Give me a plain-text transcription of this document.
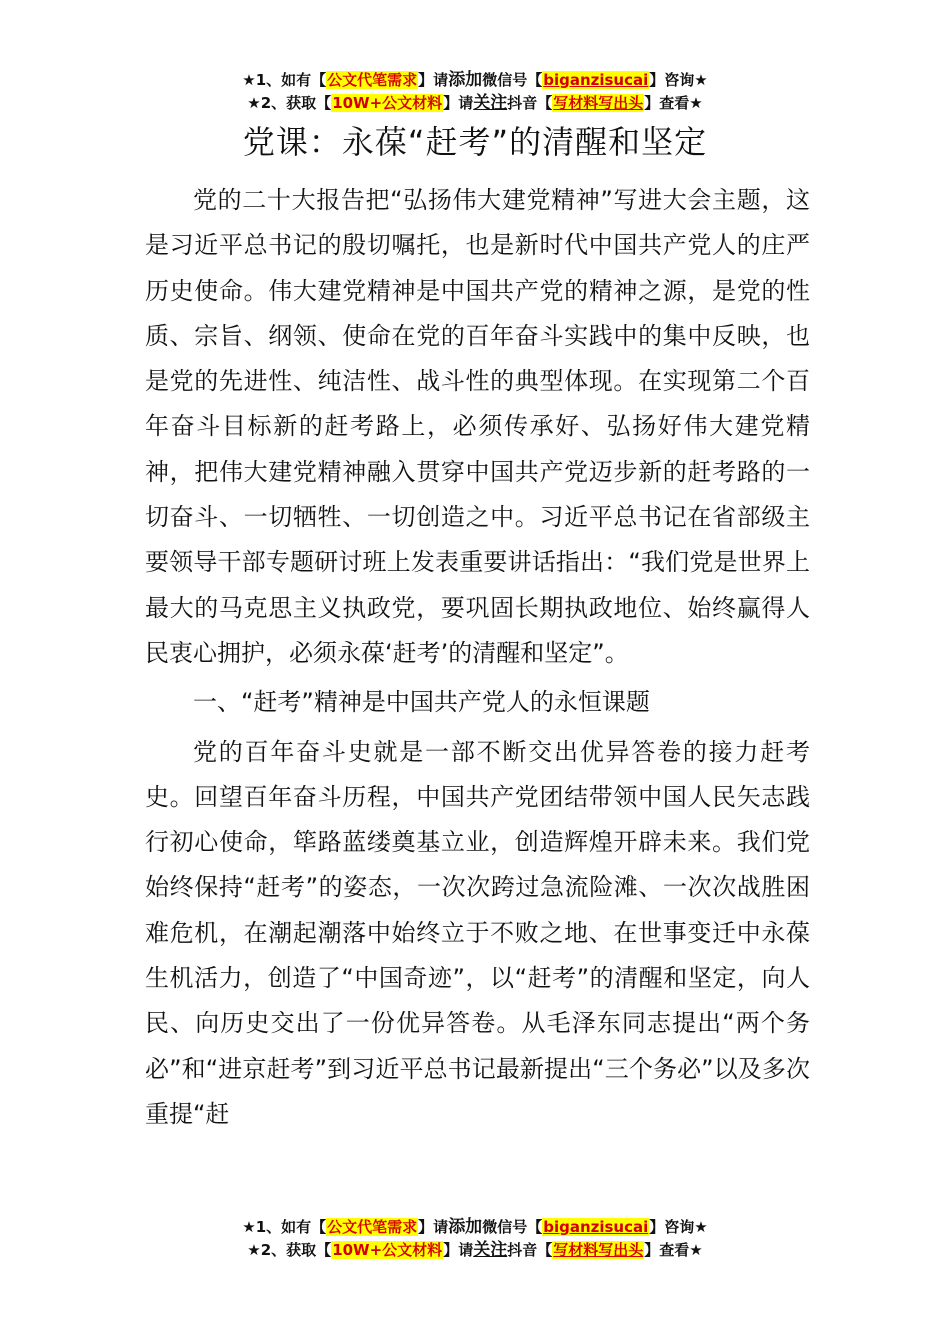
★1、如有【公文代笔需求】请添加微信号【biganzisucai】咨询★
★2、获取【10W+公文材料】请关注抖音【写材料写出头】查看★
党课：永葆“赶考”的清醒和坚定

党的二十大报告把“弘扬伟大建党精神”写进大会主题，这是习近平总书记的殷切嘱托，也是新时代中国共产党人的庄严历史使命。伟大建党精神是中国共产党的精神之源，是党的性质、宗旨、纲领、使命在党的百年奋斗实践中的集中反映，也是党的先进性、纯洁性、战斗性的典型体现。在实现第二个百年奋斗目标新的赶考路上，必须传承好、弘扬好伟大建党精神，把伟大建党精神融入贯穿中国共产党迈步新的赶考路的一切奋斗、一切牺牲、一切创造之中。习近平总书记在省部级主要领导干部专题研讨班上发表重要讲话指出：“我们党是世界上最大的马克思主义执政党，要巩固长期执政地位、始终赢得人民衷心拥护，必须永葆‘赶考’的清醒和坚定”。

一、“赶考”精神是中国共产党人的永恒课题

党的百年奋斗史就是一部不断交出优异答卷的接力赶考史。回望百年奋斗历程，中国共产党团结带领中国人民矢志践行初心使命，筚路蓝缕奠基立业，创造辉煌开辟未来。我们党始终保持“赶考”的姿态，一次次跨过急流险滩、一次次战胜困难危机，在潮起潮落中始终立于不败之地、在世事变迁中永葆生机活力，创造了“中国奇迹”，以“赶考”的清醒和坚定，向人民、向历史交出了一份优异答卷。从毛泽东同志提出“两个务必”和“进京赶考”到习近平总书记最新提出“三个务必”以及多次重提“赶

★1、如有【公文代笔需求】请添加微信号【biganzisucai】咨询★
★2、获取【10W+公文材料】请关注抖音【写材料写出头】查看★
